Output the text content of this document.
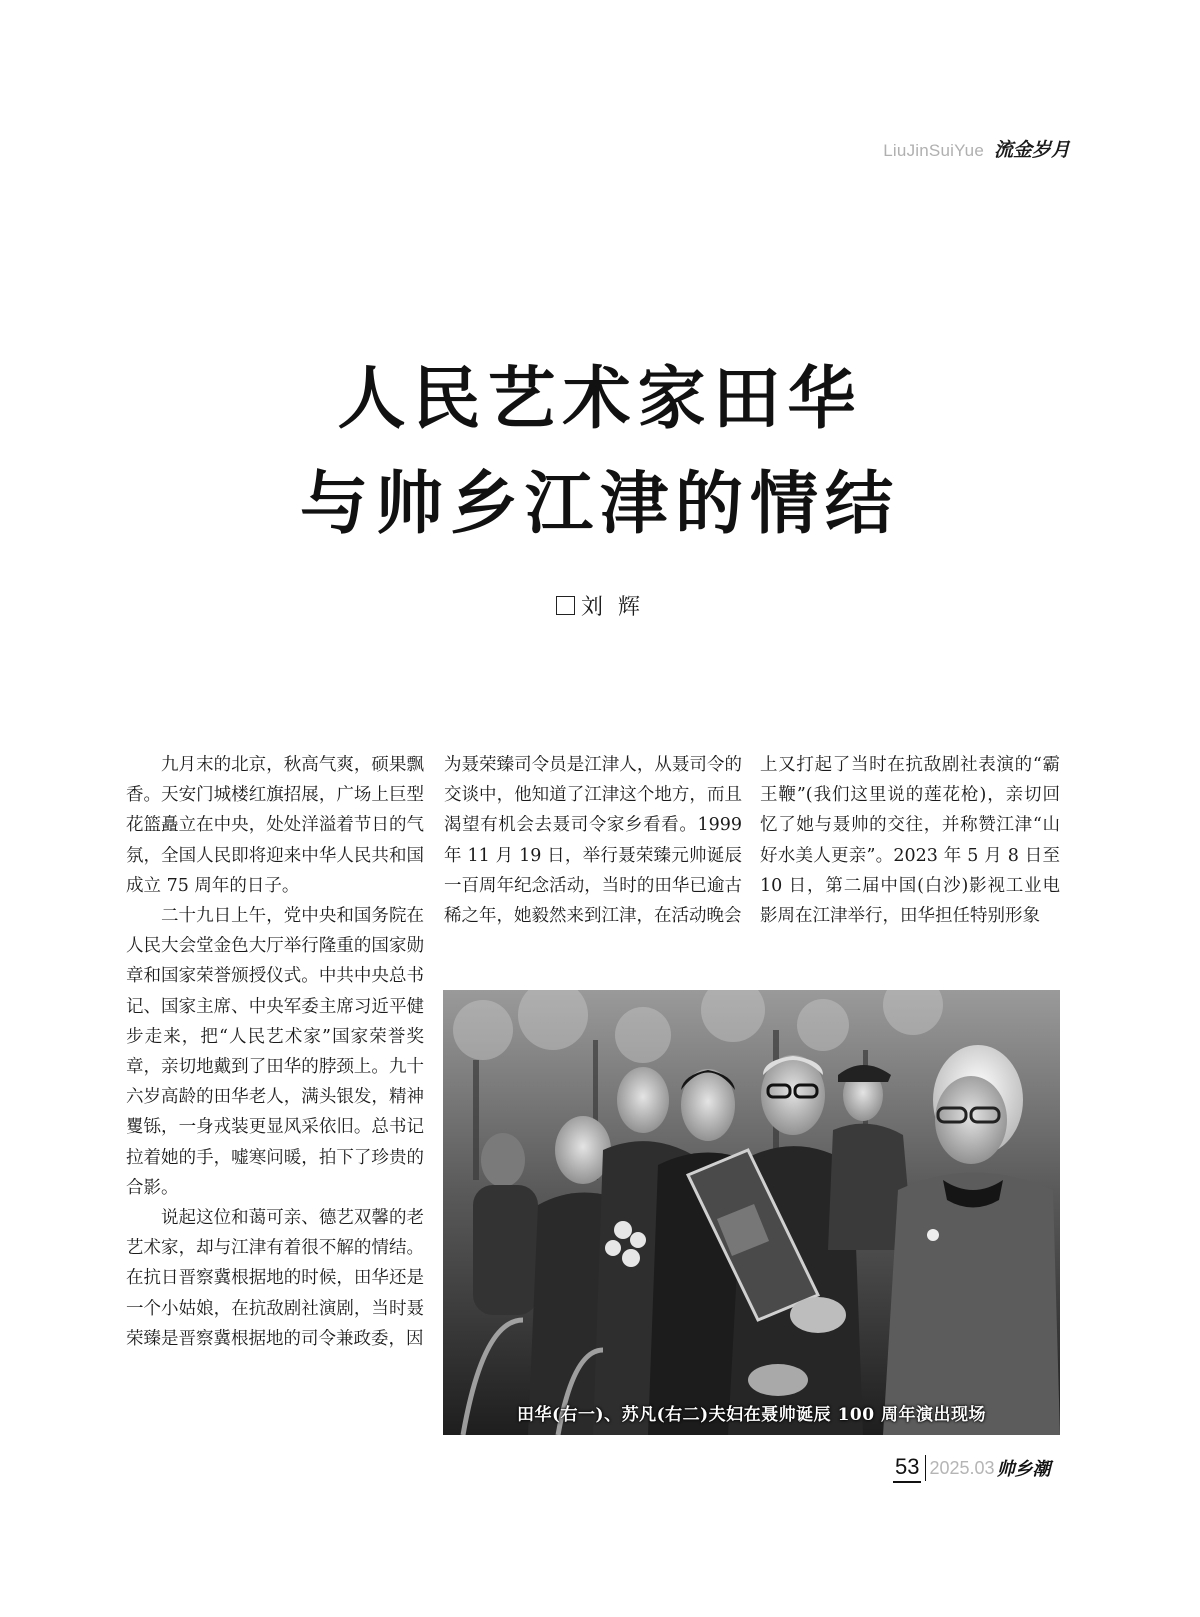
LiuJinSuiYue 流金岁月
人民艺术家田华
与帅乡江津的情结
刘 辉

九月末的北京，秋高气爽，硕果飘香。天安门城楼红旗招展，广场上巨型花篮矗立在中央，处处洋溢着节日的气氛，全国人民即将迎来中华人民共和国成立 75 周年的日子。

二十九日上午，党中央和国务院在人民大会堂金色大厅举行隆重的国家勋章和国家荣誉颁授仪式。中共中央总书记、国家主席、中央军委主席习近平健步走来，把“人民艺术家”国家荣誉奖章，亲切地戴到了田华的脖颈上。九十六岁高龄的田华老人，满头银发，精神矍铄，一身戎装更显风采依旧。总书记拉着她的手，嘘寒问暖，拍下了珍贵的合影。

说起这位和蔼可亲、德艺双馨的老艺术家，却与江津有着很不解的情结。在抗日晋察冀根据地的时候，田华还是一个小姑娘，在抗敌剧社演剧，当时聂荣臻是晋察冀根据地的司令兼政委，因

为聂荣臻司令员是江津人，从聂司令的交谈中，他知道了江津这个地方，而且渴望有机会去聂司令家乡看看。1999 年 11 月 19 日，举行聂荣臻元帅诞辰一百周年纪念活动，当时的田华已逾古稀之年，她毅然来到江津，在活动晚会

上又打起了当时在抗敌剧社表演的“霸王鞭”(我们这里说的莲花枪)，亲切回忆了她与聂帅的交往，并称赞江津“山好水美人更亲”。2023 年 5 月 8 日至 10 日，第二届中国(白沙)影视工业电影周在江津举行，田华担任特别形象

田华(右一)、苏凡(右二)夫妇在聂帅诞辰 100 周年演出现场
53 2025.03 帅乡潮
